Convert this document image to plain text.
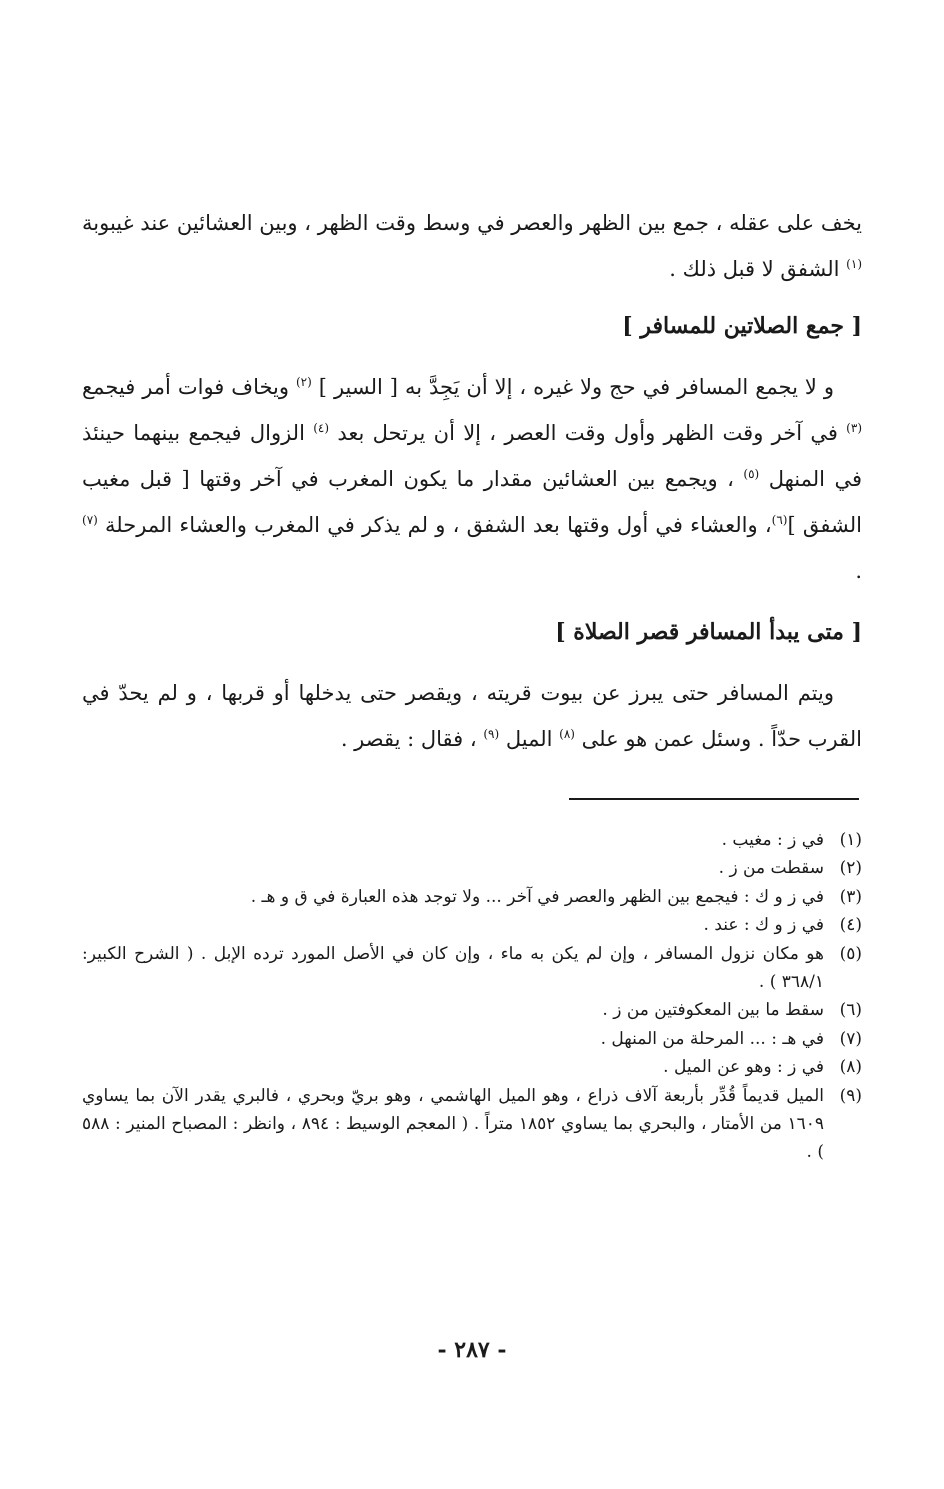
يخف على عقله ، جمع بين الظهر والعصر في وسط وقت الظهر ، وبين العشائين عند غيبوبة $^{(١)}$ الشفق لا قبل ذلك .

[ جمع الصلاتين للمسافر ]

و لا يجمع المسافر في حج ولا غيره ، إلا أن يَجِدَّ به [ السير ] $^{(٢)}$ ويخاف فوات أمر فيجمع $^{(٣)}$ في آخر وقت الظهر وأول وقت العصر ، إلا أن يرتحل بعد $^{(٤)}$ الزوال فيجمع بينهما حينئذ في المنهل $^{(٥)}$ ، ويجمع بين العشائين مقدار ما يكون المغرب في آخر وقتها [ قبل مغيب الشفق ]$^{(٦)}$، والعشاء في أول وقتها بعد الشفق ، و لم يذكر في المغرب والعشاء المرحلة $^{(٧)}$ .

[ متى يبدأ المسافر قصر الصلاة ]

ويتم المسافر حتى يبرز عن بيوت قريته ، ويقصر حتى يدخلها أو قربها ، و لم يحدّ في القرب حدّاً . وسئل عمن هو على $^{(٨)}$ الميل $^{(٩)}$ ، فقال : يقصر .

(١)
في ز : مغيب .
(٢)
سقطت من ز .
(٣)
في ز و ك : فيجمع بين الظهر والعصر في آخر ... ولا توجد هذه العبارة في ق و هـ .
(٤)
في ز و ك : عند .
(٥)
هو مكان نزول المسافر ، وإن لم يكن به ماء ، وإن كان في الأصل المورد ترده الإبل . ( الشرح الكبير: ٣٦٨/١ ) .
(٦)
سقط ما بين المعكوفتين من ز .
(٧)
في هـ : ... المرحلة من المنهل .
(٨)
في ز : وهو عن الميل .
(٩)
الميل قديماً قُدِّر بأربعة آلاف ذراع ، وهو الميل الهاشمي ، وهو بريّ وبحري ، فالبري يقدر الآن بما يساوي ١٦٠٩ من الأمتار ، والبحري بما يساوي ١٨٥٢ متراً . ( المعجم الوسيط : ٨٩٤ ، وانظر : المصباح المنير : ٥٨٨ ) .
- ٢٨٧ -
